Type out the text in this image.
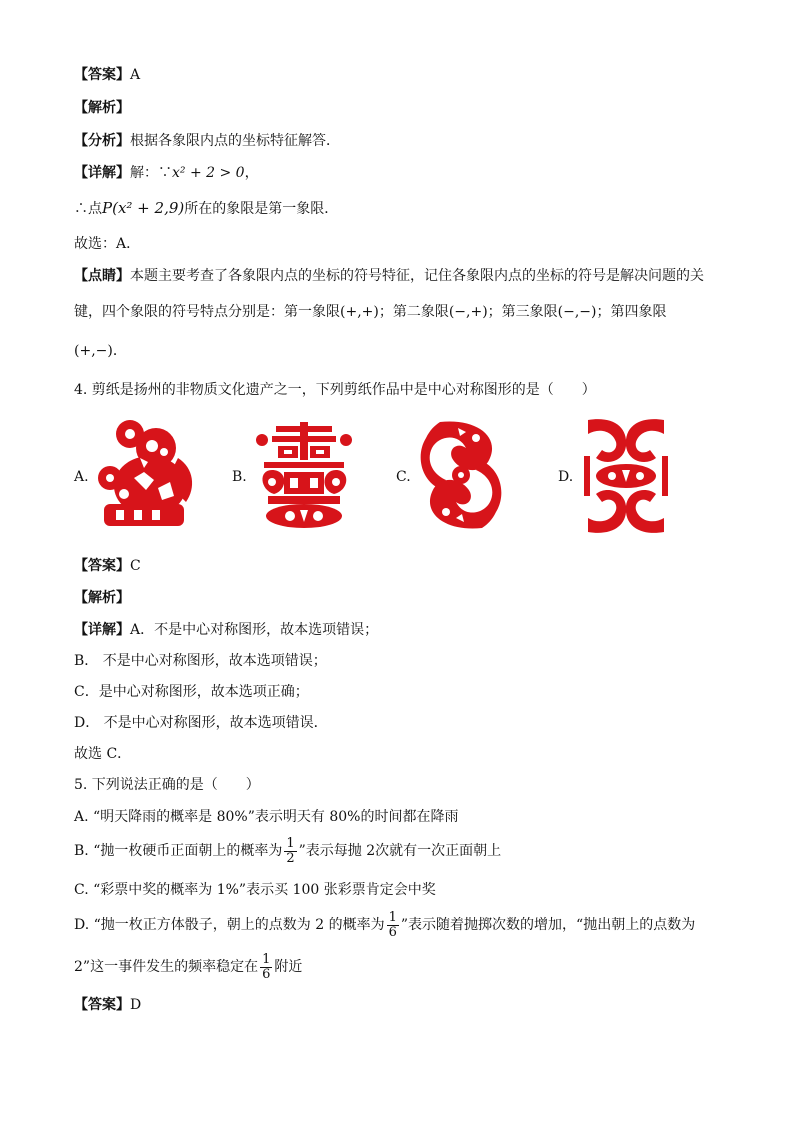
【答案】A
【解析】
【分析】根据各象限内点的坐标特征解答．
【详解】解：∵x² + 2 > 0，
∴点P(x² + 2,9)所在的象限是第一象限．
故选：A．
【点睛】本题主要考查了各象限内点的坐标的符号特征，记住各象限内点的坐标的符号是解决问题的关
键，四个象限的符号特点分别是：第一象限(+,+)；第二象限(−,+)；第三象限(−,−)；第四象限
(+,−)．
4. 剪纸是扬州的非物质文化遗产之一，下列剪纸作品中是中心对称图形的是（　　）
A.	B.	C.	D.
【答案】C
【解析】
【详解】A．不是中心对称图形，故本选项错误；
B． 不是中心对称图形，故本选项错误；
C．是中心对称图形，故本选项正确；
D． 不是中心对称图形，故本选项错误．
故选 C．
5. 下列说法正确的是（　　）
A. “明天降雨的概率是 80%”表示明天有 80%的时间都在降雨
B. “抛一枚硬币正面朝上的概率为 $\frac{1}{2}$ ”表示每抛 2次就有一次正面朝上
C. “彩票中奖的概率为 1%”表示买 100 张彩票肯定会中奖
D. “抛一枚正方体骰子，朝上的点数为 2 的概率为 $\frac{1}{6}$ ”表示随着抛掷次数的增加，“抛出朝上的点数为
2”这一事件发生的频率稳定在 $\frac{1}{6}$ 附近
【答案】D
